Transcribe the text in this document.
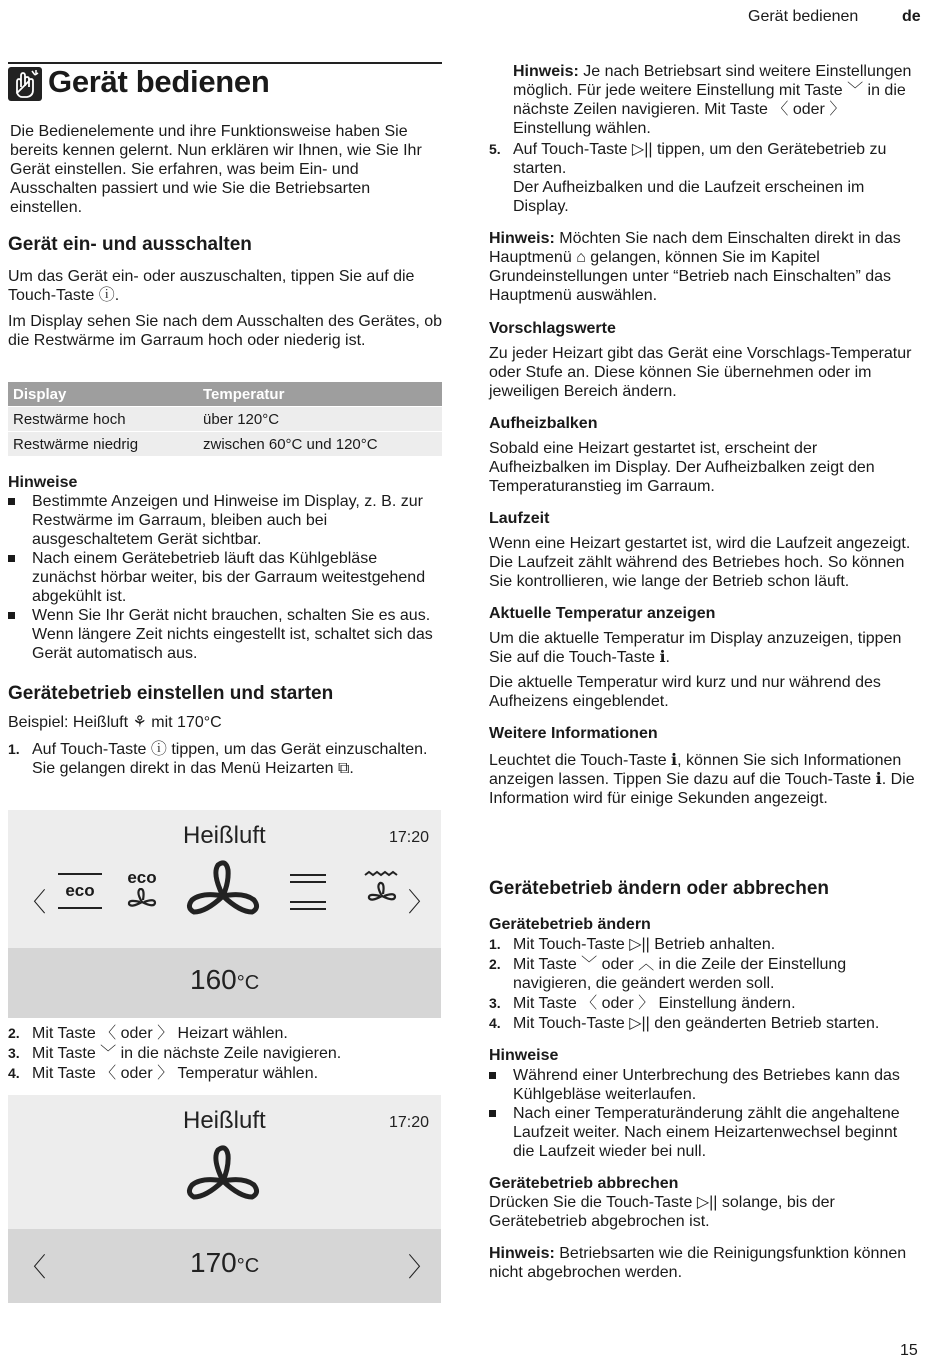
Gerät bedienen	de
Gerät bedienen

Die Bedienelemente und ihre Funktionsweise haben Sie bereits kennen gelernt. Nun erklären wir Ihnen, wie Sie Ihr Gerät einstellen. Sie erfahren, was beim Ein- und Ausschalten passiert und wie Sie die Betriebsarten einstellen.

Gerät ein- und ausschalten

Um das Gerät ein- oder auszuschalten, tippen Sie auf die Touch-Taste ⓘ.

Im Display sehen Sie nach dem Ausschalten des Gerätes, ob die Restwärme im Garraum hoch oder niederig ist.

Display	Temperatur
Restwärme hoch	über 120°C
Restwärme niedrig	zwischen 60°C und 120°C

Hinweise

Bestimmte Anzeigen und Hinweise im Display, z. B. zur Restwärme im Garraum, bleiben auch bei ausgeschaltetem Gerät sichtbar.

Nach einem Gerätebetrieb läuft das Kühlgebläse zunächst hörbar weiter, bis der Garraum weitestgehend abgekühlt ist.

Wenn Sie Ihr Gerät nicht brauchen, schalten Sie es aus. Wenn längere Zeit nichts eingestellt ist, schaltet sich das Gerät automatisch aus.

Gerätebetrieb einstellen und starten

Beispiel: Heißluft ⚘ mit 170°C

1. Auf Touch-Taste ⓘ tippen, um das Gerät einzuschalten.
Sie gelangen direkt in das Menü Heizarten ⧉.

Heißluft	17:20
〈	〉
eco
eco
160°C

2. Mit Taste 〈 oder 〉 Heizart wählen.

3. Mit Taste ﹀ in die nächste Zeile navigieren.

4. Mit Taste 〈 oder 〉 Temperatur wählen.

Heißluft	17:20
〈	〉
170°C

Hinweis: Je nach Betriebsart sind weitere Einstellungen möglich. Für jede weitere Einstellung mit Taste ﹀ in die nächste Zeilen navigieren. Mit Taste 〈 oder 〉 Einstellung wählen.

5. Auf Touch-Taste ▷|| tippen, um den Gerätebetrieb zu starten.
Der Aufheizbalken und die Laufzeit erscheinen im Display.

Hinweis: Möchten Sie nach dem Einschalten direkt in das Hauptmenü ⌂ gelangen, können Sie im Kapitel Grundeinstellungen unter “Betrieb nach Einschalten” das Hauptmenü auswählen.

Vorschlagswerte

Zu jeder Heizart gibt das Gerät eine Vorschlags-Temperatur oder Stufe an. Diese können Sie übernehmen oder im jeweiligen Bereich ändern.

Aufheizbalken

Sobald eine Heizart gestartet ist, erscheint der Aufheizbalken im Display. Der Aufheizbalken zeigt den Temperaturanstieg im Garraum.

Laufzeit

Wenn eine Heizart gestartet ist, wird die Laufzeit angezeigt. Die Laufzeit zählt während des Betriebes hoch. So können Sie kontrollieren, wie lange der Betrieb schon läuft.

Aktuelle Temperatur anzeigen

Um die aktuelle Temperatur im Display anzuzeigen, tippen Sie auf die Touch-Taste ℹ.

Die aktuelle Temperatur wird kurz und nur während des Aufheizens eingeblendet.

Weitere Informationen

Leuchtet die Touch-Taste ℹ, können Sie sich Informationen anzeigen lassen. Tippen Sie dazu auf die Touch-Taste ℹ. Die Information wird für einige Sekunden angezeigt.

Gerätebetrieb ändern oder abbrechen

Gerätebetrieb ändern

1. Mit Touch-Taste ▷|| Betrieb anhalten.

2. Mit Taste ﹀ oder ︿ in die Zeile der Einstellung navigieren, die geändert werden soll.

3. Mit Taste 〈 oder 〉 Einstellung ändern.

4. Mit Touch-Taste ▷|| den geänderten Betrieb starten.

Hinweise

Während einer Unterbrechung des Betriebes kann das Kühlgebläse weiterlaufen.

Nach einer Temperaturänderung zählt die angehaltene Laufzeit weiter. Nach einem Heizartenwechsel beginnt die Laufzeit wieder bei null.

Gerätebetrieb abbrechen

Drücken Sie die Touch-Taste ▷|| solange, bis der Gerätebetrieb abgebrochen ist.

Hinweis: Betriebsarten wie die Reinigungsfunktion können nicht abgebrochen werden.

15
